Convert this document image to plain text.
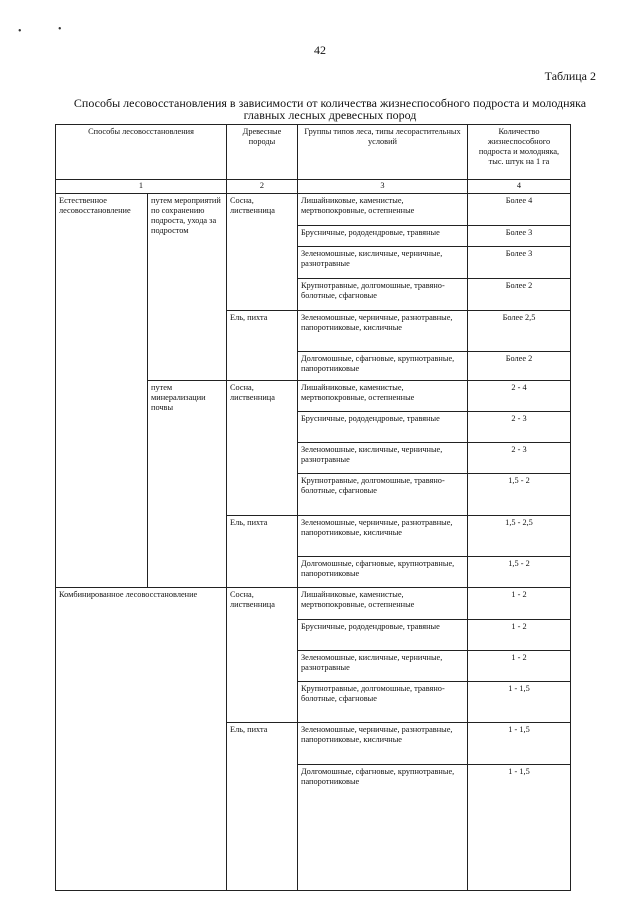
•	•
42
Таблица 2
Способы лесовосстановления в зависимости от количества жизнеспособного подроста и молодняка
главных лесных древесных пород
Способы лесовосстановления		Древесные породы	Группы типов леса, типы лесорастительных условий	Количество жизнеспособного подроста и молодняка, тыс. штук на 1 га
1		2	3	4
Естественное лесовосстановление	путем мероприятий по сохранению подроста, ухода за подростом	Сосна, лиственница	Лишайниковые, каменистые, мертвопокровные, остепненные	Более 4
			Брусничные, рододендровые, травяные	Более 3
			Зеленомошные, кисличные, черничные, разнотравные	Более 3
			Крупнотравные, долгомошные, травяно-болотные, сфагновые	Более 2
		Ель, пихта	Зеленомошные, черничные, разнотравные, папоротниковые, кисличные	Более 2,5
			Долгомошные, сфагновые, крупнотравные, папоротниковые	Более 2
	путем минерализации почвы	Сосна, лиственница	Лишайниковые, каменистые, мертвопокровные, остепненные	2 - 4
			Брусничные, рододендровые, травяные	2 - 3
			Зеленомошные, кисличные, черничные, разнотравные	2 - 3
			Крупнотравные, долгомошные, травяно-болотные, сфагновые	1,5 - 2
		Ель, пихта	Зеленомошные, черничные, разнотравные, папоротниковые, кисличные	1,5 - 2,5
			Долгомошные, сфагновые, крупнотравные, папоротниковые	1,5 - 2
Комбинированное лесовосстановление		Сосна, лиственница	Лишайниковые, каменистые, мертвопокровные, остепненные	1 - 2
			Брусничные, рододендровые, травяные	1 - 2
			Зеленомошные, кисличные, черничные, разнотравные	1 - 2
			Крупнотравные, долгомошные, травяно-болотные, сфагновые	1 - 1,5
		Ель, пихта	Зеленомошные, черничные, разнотравные, папоротниковые, кисличные	1 - 1,5
			Долгомошные, сфагновые, крупнотравные, папоротниковые	1 - 1,5
